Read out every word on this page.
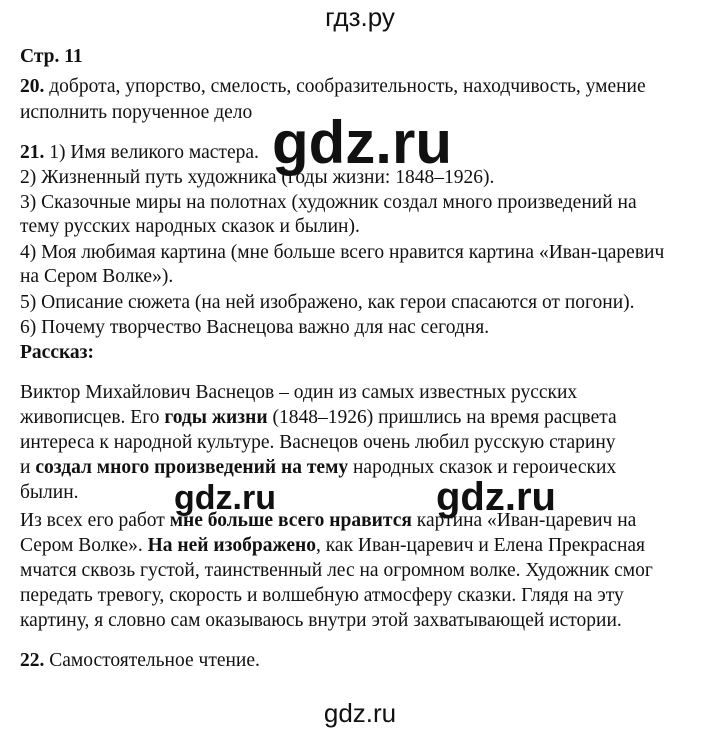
гдз.ру
Стр. 11
20. доброта, упорство, смелость, сообразительность, находчивость, умение
исполнить порученное дело
21. 1) Имя великого мастера.
2) Жизненный путь художника (годы жизни: 1848–1926).
3) Сказочные миры на полотнах (художник создал много произведений на
тему русских народных сказок и былин).
4) Моя любимая картина (мне больше всего нравится картина «Иван-царевич
на Сером Волке»).
5) Описание сюжета (на ней изображено, как герои спасаются от погони).
6) Почему творчество Васнецова важно для нас сегодня.
Рассказ:
Виктор Михайлович Васнецов – один из самых известных русских
живописцев. Его годы жизни (1848–1926) пришлись на время расцвета
интереса к народной культуре. Васнецов очень любил русскую старину
и создал много произведений на тему народных сказок и героических
былин.
Из всех его работ мне больше всего нравится картина «Иван-царевич на
Сером Волке». На ней изображено, как Иван-царевич и Елена Прекрасная
мчатся сквозь густой, таинственный лес на огромном волке. Художник смог
передать тревогу, скорость и волшебную атмосферу сказки. Глядя на эту
картину, я словно сам оказываюсь внутри этой захватывающей истории.
22. Самостоятельное чтение.
gdz.ru
gdz.ru	gdz.ru
gdz.ru
